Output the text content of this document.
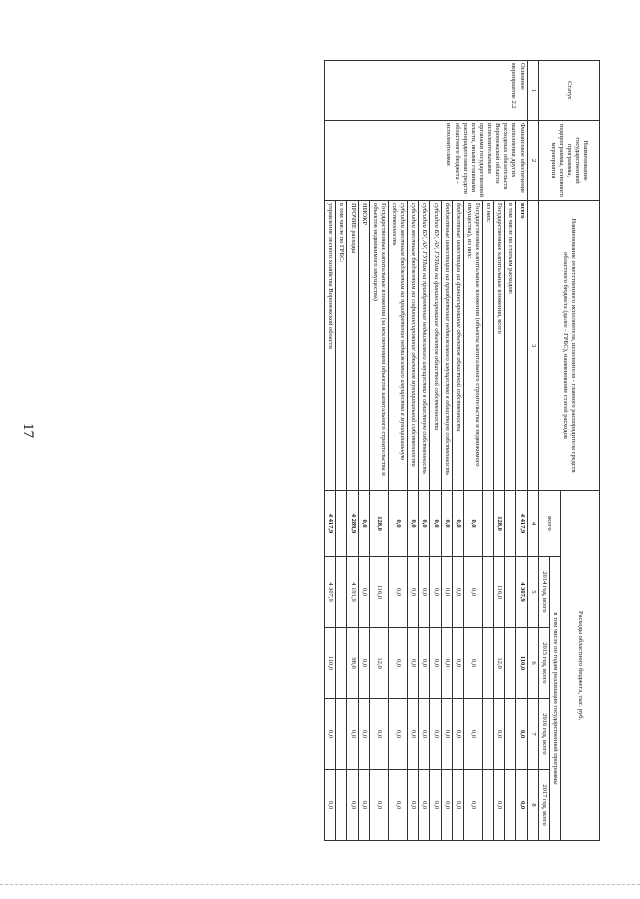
17
Статус	Наименование государственной программы, подпрограммы, основного мероприятия	Наименование ответственного исполнителя, исполнителя - главного распорядителя средств областного бюджета (далее - ГРБС), наименование статей расходов	Расходы областного бюджета, тыс. руб.				
			всего	в том числе по годам реализации государственной программы			
				2014 год, всего	2015 год, всего	2016 год, всего	2017 год, всего
1	2	3	4	5	6	7	8
Основное мероприятие 2.2	Финансовое обеспечение выполнения других расходных обязательств Воронежской области исполнительными органами государственной власти, иными главными распорядителями средств областного бюджета - исполнителями	всего	4 417,9	4 307,9	110,0	0,0	0,0
		в том числе по статьям расходов:					
		Государственные капитальные вложения, всего	128,0	116,0	12,0	0,0	0,0
		из них:					
		Государственные капитальные вложения (объекты капитального строительства и недвижимого имущества), из них:	0,0	0,0	0,0	0,0	0,0
		бюджетные инвестиции на финансирование объектов областной собственности	0,0	0,0	0,0	0,0	0,0
		бюджетные инвестиции на приобретение недвижимого имущества в областную собственность	0,0	0,0	0,0	0,0	0,0
		субсидии БУ, АУ, ГУПам на финансирование объектов областной собственности	0,0	0,0	0,0	0,0	0,0
		субсидии БУ, АУ, ГУПам на приобретение недвижимого имущества в областную собственность	0,0	0,0	0,0	0,0	0,0
		субсидии местным бюджетам на софинансирование объектов муниципальной собственности	0,0	0,0	0,0	0,0	0,0
		субсидии местным бюджетам на приобретение недвижимого имущества в муниципальную собственность	0,0	0,0	0,0	0,0	0,0
		Государственные капитальные вложения (за исключением объектов капитального строительства и объектов недвижимого имущества)	128,0	116,0	12,0	0,0	0,0
		НИОКР	0,0	0,0	0,0	0,0	0,0
		ПРОЧИЕ расходы	4 289,9	4 191,9	98,0	0,0	0,0
		в том числе по ГРБС:					
		управление лесного хозяйства Воронежской области	4 417,9	4 307,9	110,0	0,0	0,0
